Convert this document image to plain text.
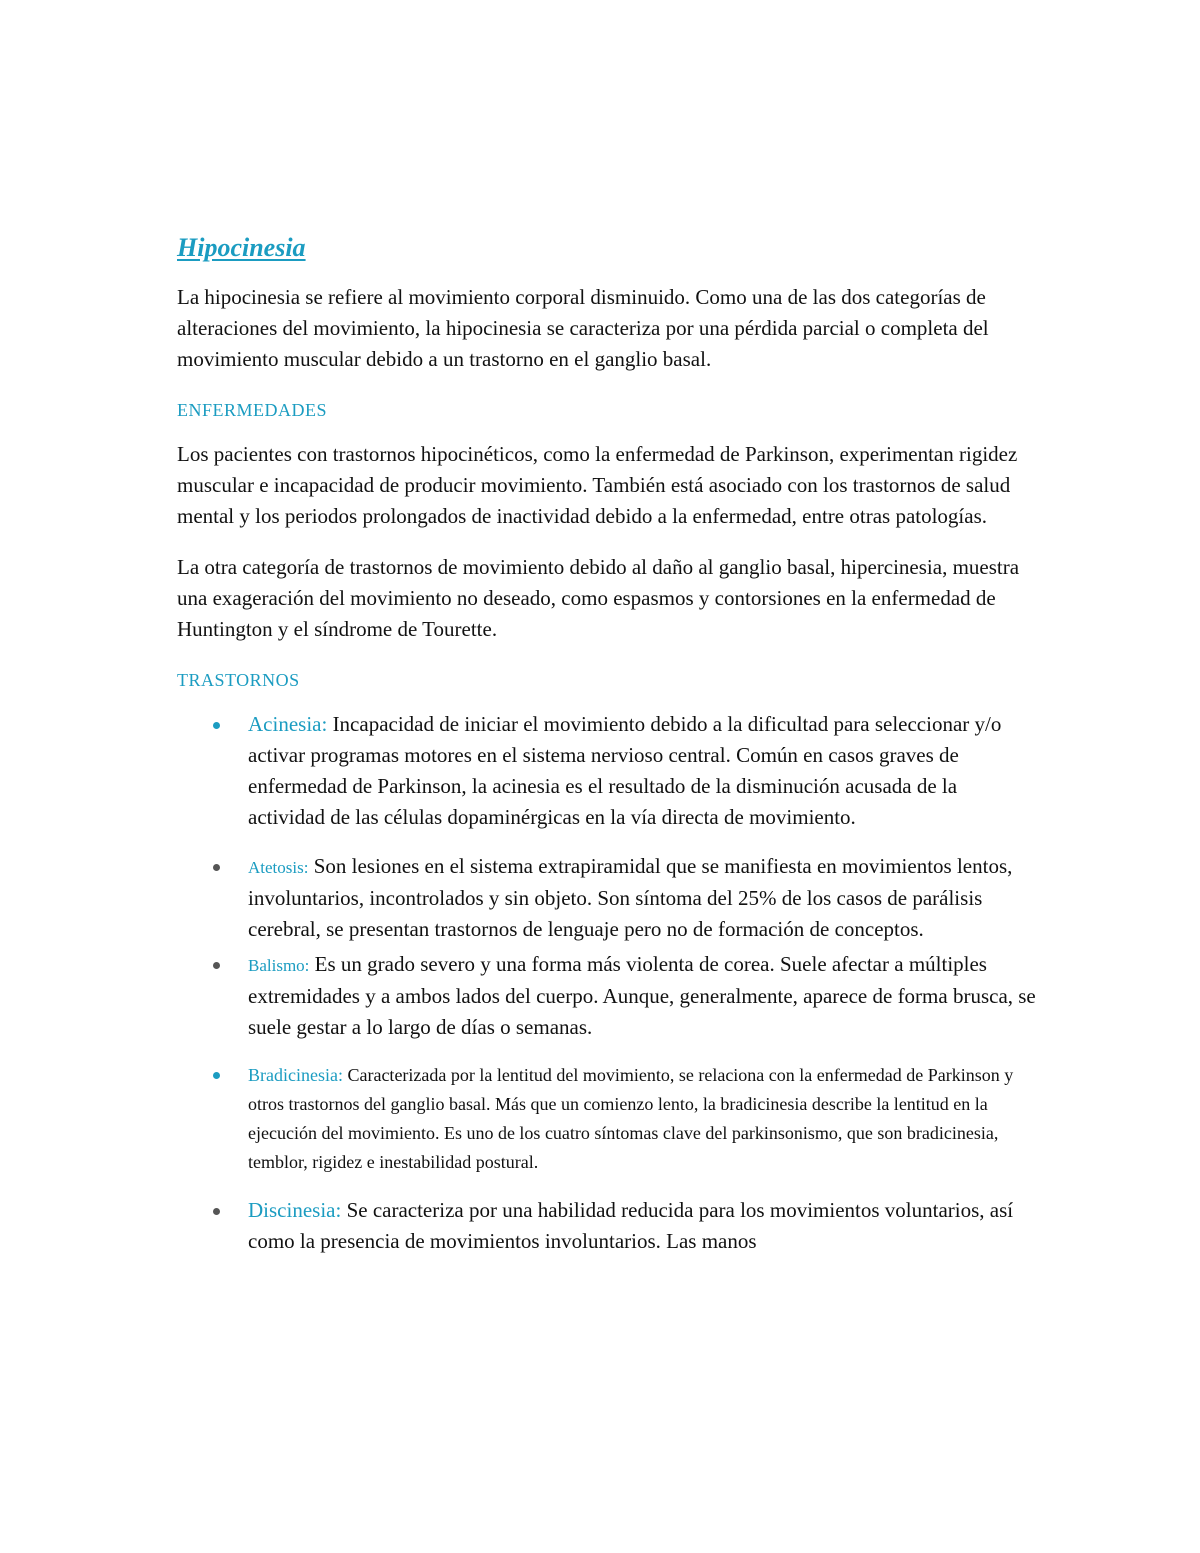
Hipocinesia

La hipocinesia se refiere al movimiento corporal disminuido. Como una de las dos categorías de alteraciones del movimiento, la hipocinesia se caracteriza por una pérdida parcial o completa del movimiento muscular debido a un trastorno en el ganglio basal.

ENFERMEDADES

Los pacientes con trastornos hipocinéticos, como la enfermedad de Parkinson, experimentan rigidez muscular e incapacidad de producir movimiento. También está asociado con los trastornos de salud mental y los periodos prolongados de inactividad debido a la enfermedad, entre otras patologías.

La otra categoría de trastornos de movimiento debido al daño al ganglio basal, hipercinesia, muestra una exageración del movimiento no deseado, como espasmos y contorsiones en la enfermedad de Huntington y el síndrome de Tourette.

TRASTORNOS
Acinesia: Incapacidad de iniciar el movimiento debido a la dificultad para seleccionar y/o activar programas motores en el sistema nervioso central. Común en casos graves de enfermedad de Parkinson, la acinesia es el resultado de la disminución acusada de la actividad de las células dopaminérgicas en la vía directa de movimiento.
Atetosis: Son lesiones en el sistema extrapiramidal que se manifiesta en movimientos lentos, involuntarios, incontrolados y sin objeto. Son síntoma del 25% de los casos de parálisis cerebral, se presentan trastornos de lenguaje pero no de formación de conceptos.
Balismo: Es un grado severo y una forma más violenta de corea. Suele afectar a múltiples extremidades y a ambos lados del cuerpo. Aunque, generalmente, aparece de forma brusca, se suele gestar a lo largo de días o semanas.
Bradicinesia: Caracterizada por la lentitud del movimiento, se relaciona con la enfermedad de Parkinson y otros trastornos del ganglio basal. Más que un comienzo lento, la bradicinesia describe la lentitud en la ejecución del movimiento. Es uno de los cuatro síntomas clave del parkinsonismo, que son bradicinesia, temblor, rigidez e inestabilidad postural.
Discinesia: Se caracteriza por una habilidad reducida para los movimientos voluntarios, así como la presencia de movimientos involuntarios. Las manos
